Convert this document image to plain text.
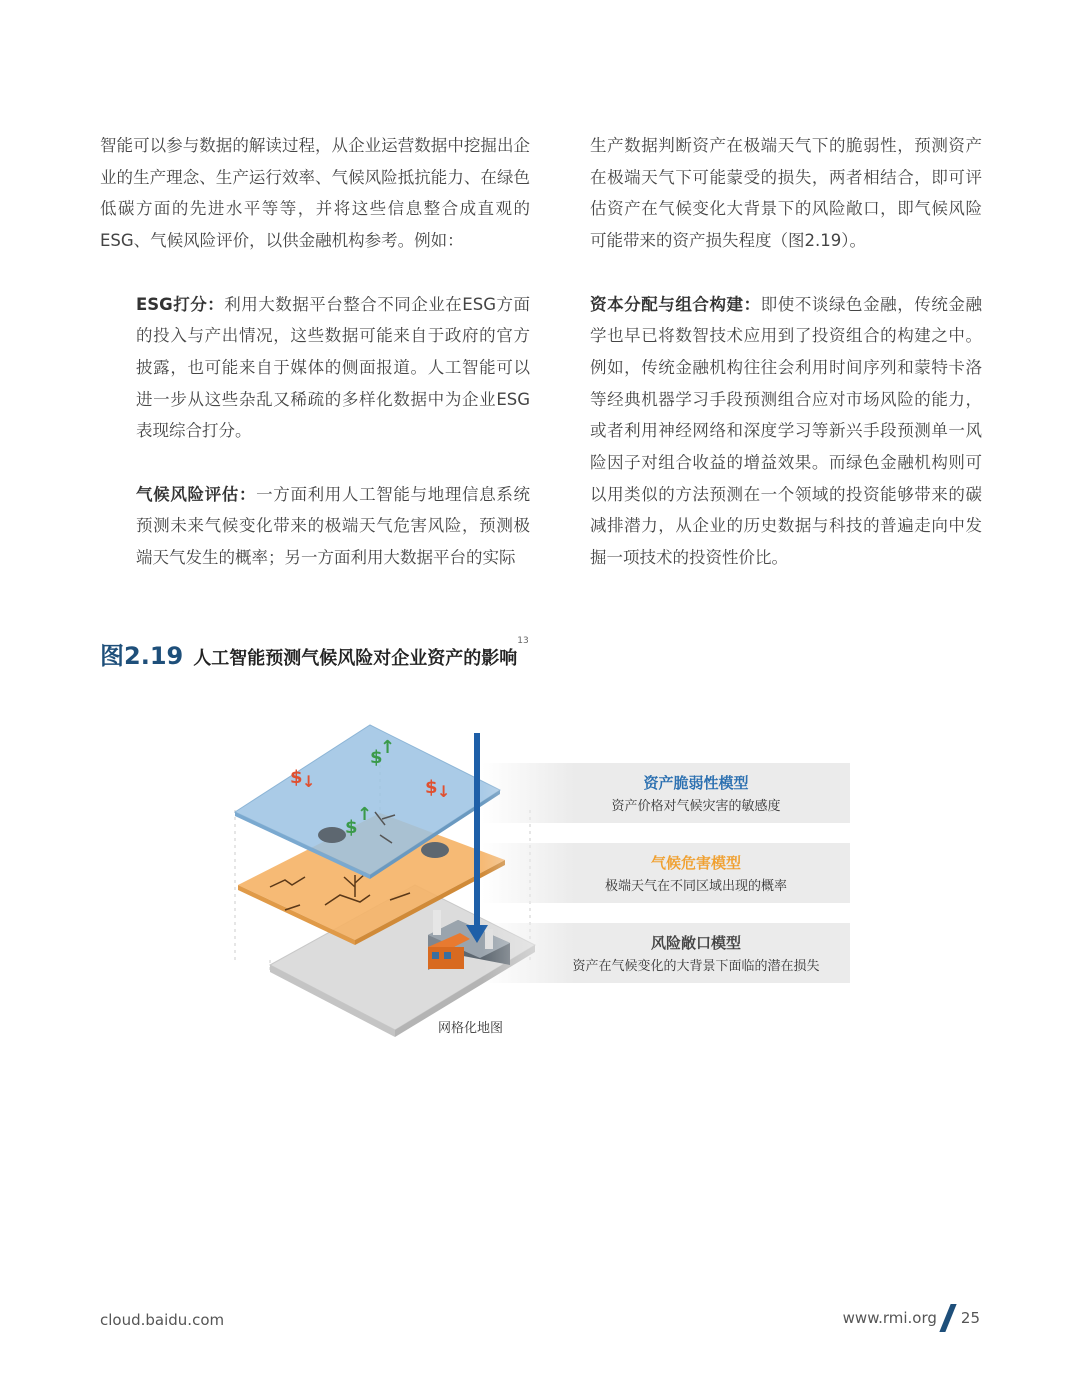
智能可以参与数据的解读过程，从企业运营数据中挖掘出企业的生产理念、生产运行效率、气候风险抵抗能力、在绿色低碳方面的先进水平等等，并将这些信息整合成直观的ESG、气候风险评价，以供金融机构参考。例如：

ESG打分：利用大数据平台整合不同企业在ESG方面的投入与产出情况，这些数据可能来自于政府的官方披露，也可能来自于媒体的侧面报道。人工智能可以进一步从这些杂乱又稀疏的多样化数据中为企业ESG表现综合打分。

气候风险评估：一方面利用人工智能与地理信息系统预测未来气候变化带来的极端天气危害风险，预测极端天气发生的概率；另一方面利用大数据平台的实际

生产数据判断资产在极端天气下的脆弱性，预测资产在极端天气下可能蒙受的损失，两者相结合，即可评估资产在气候变化大背景下的风险敞口，即气候风险可能带来的资产损失程度（图2.19）。

资本分配与组合构建：即使不谈绿色金融，传统金融学也早已将数智技术应用到了投资组合的构建之中。例如，传统金融机构往往会利用时间序列和蒙特卡洛等经典机器学习手段预测组合应对市场风险的能力，或者利用神经网络和深度学习等新兴手段预测单一风险因子对组合收益的增益效果。而绿色金融机构则可以用类似的方法预测在一个领域的投资能够带来的碳减排潜力，从企业的历史数据与科技的普遍走向中发掘一项技术的投资性价比。

图2.19 人工智能预测气候风险对企业资产的影响$^{13}$
$ ↓
$
↑
$ ↓
$
↑
资产脆弱性模型
资产价格对气候灾害的敏感度
气候危害模型
极端天气在不同区域出现的概率
风险敞口模型
资产在气候变化的大背景下面临的潜在损失
网格化地图
cloud.baidu.com	www.rmi.org 25
